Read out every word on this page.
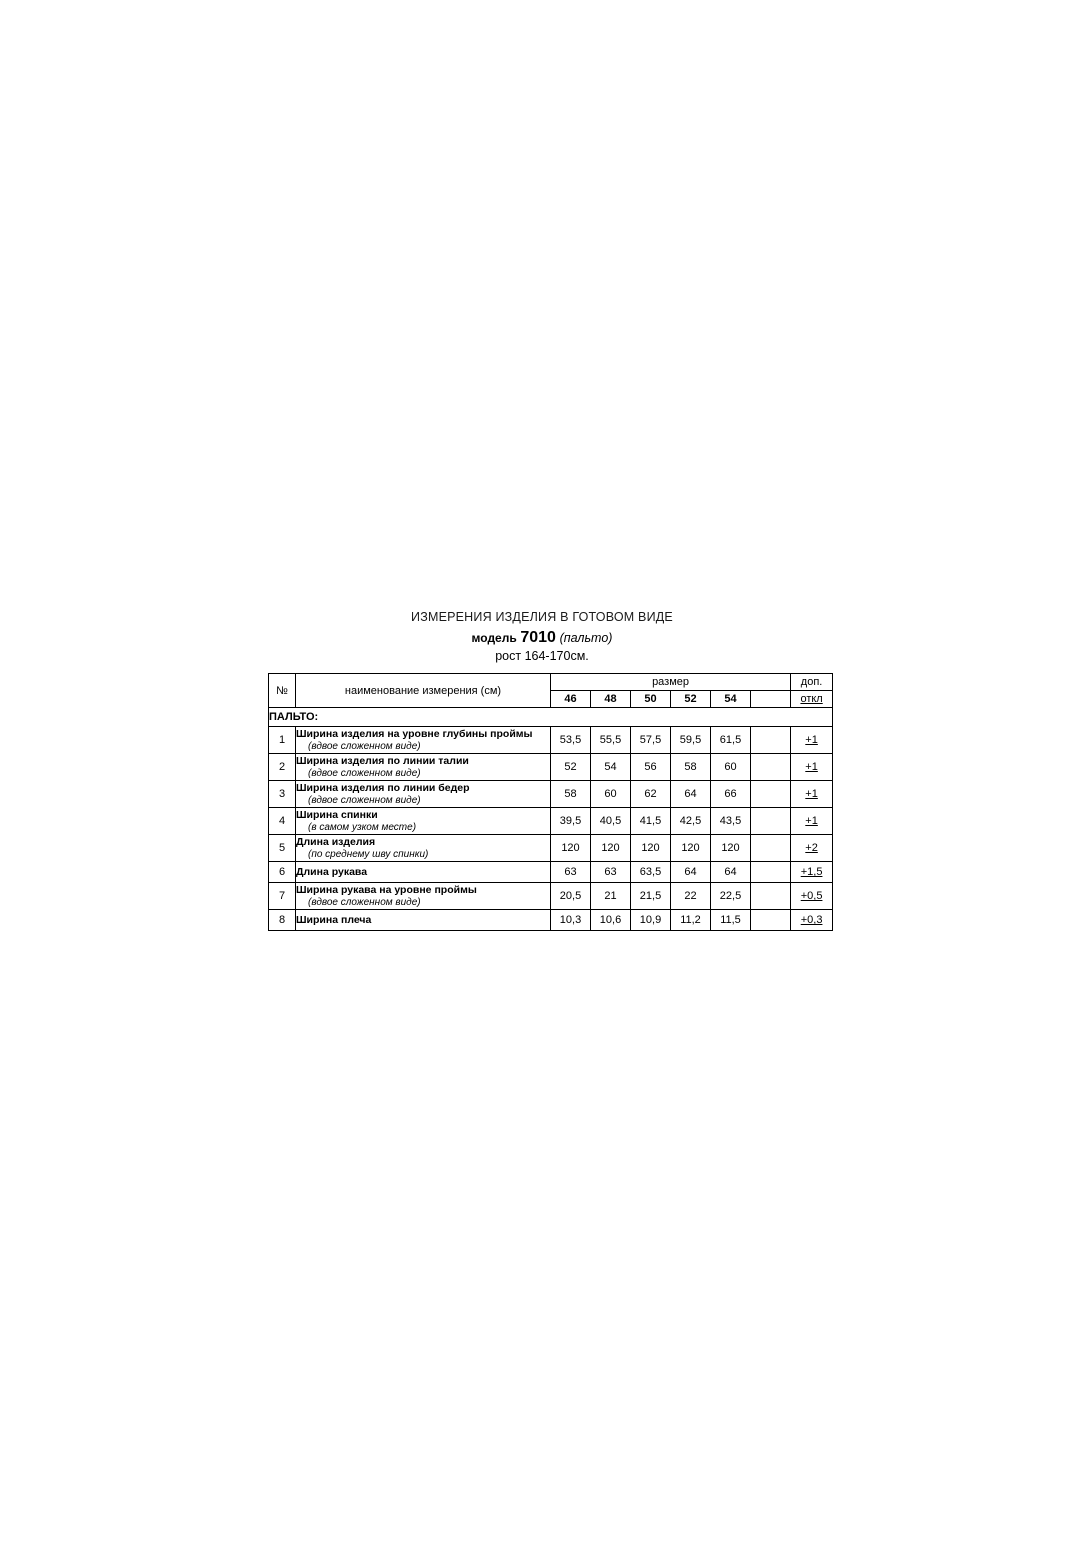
ИЗМЕРЕНИЯ ИЗДЕЛИЯ В ГОТОВОМ ВИДЕ
модель 7010 (пальто)
рост 164-170см.
№	наименование измерения (см)	размер						доп.
		46	48	50	52	54		откл
ПАЛЬТО:								
1	Ширина изделия на уровне глубины проймы
(вдвое сложенном виде)	53,5	55,5	57,5	59,5	61,5		+1
2	Ширина изделия по линии талии
(вдвое сложенном виде)	52	54	56	58	60		+1
3	Ширина изделия по линии бедер
(вдвое сложенном виде)	58	60	62	64	66		+1
4	Ширина спинки
(в самом узком месте)	39,5	40,5	41,5	42,5	43,5		+1
5	Длина изделия
(по среднему шву спинки)	120	120	120	120	120		+2
6	Длина рукава	63	63	63,5	64	64		+1,5
7	Ширина рукава на уровне проймы
(вдвое сложенном виде)	20,5	21	21,5	22	22,5		+0,5
8	Ширина плеча	10,3	10,6	10,9	11,2	11,5		+0,3
